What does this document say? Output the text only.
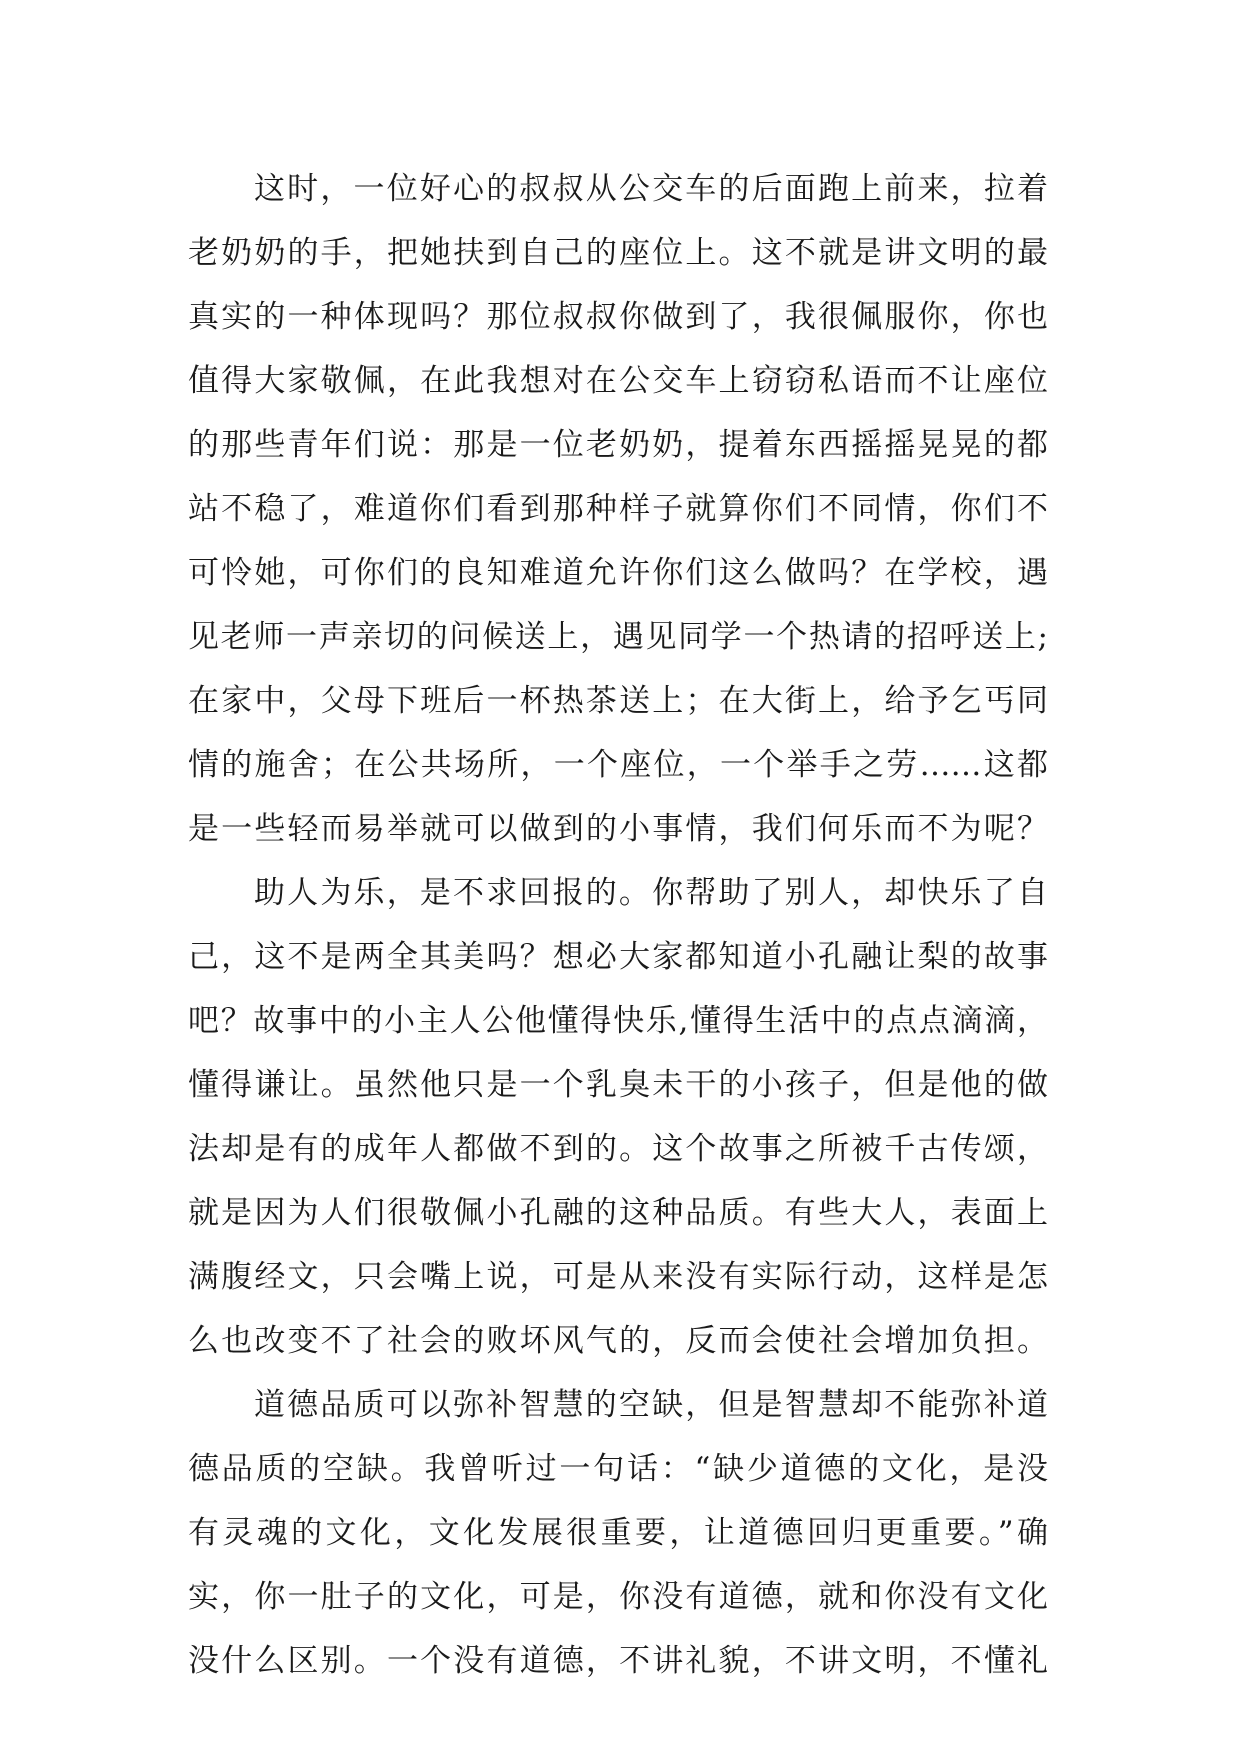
这时，一位好心的叔叔从公交车的后面跑上前来，拉着
老奶奶的手，把她扶到自己的座位上。这不就是讲文明的最
真实的一种体现吗？那位叔叔你做到了，我很佩服你，你也
值得大家敬佩，在此我想对在公交车上窃窃私语而不让座位
的那些青年们说：那是一位老奶奶，提着东西摇摇晃晃的都
站不稳了，难道你们看到那种样子就算你们不同情，你们不
可怜她，可你们的良知难道允许你们这么做吗？在学校，遇
见老师一声亲切的问候送上，遇见同学一个热请的招呼送上;
在家中，父母下班后一杯热茶送上；在大街上，给予乞丐同
情的施舍；在公共场所，一个座位，一个举手之劳……这都
是一些轻而易举就可以做到的小事情，我们何乐而不为呢？
助人为乐，是不求回报的。你帮助了别人，却快乐了自
己，这不是两全其美吗？想必大家都知道小孔融让梨的故事
吧？故事中的小主人公他懂得快乐,懂得生活中的点点滴滴，
懂得谦让。虽然他只是一个乳臭未干的小孩子，但是他的做
法却是有的成年人都做不到的。这个故事之所被千古传颂，
就是因为人们很敬佩小孔融的这种品质。有些大人，表面上
满腹经文，只会嘴上说，可是从来没有实际行动，这样是怎
么也改变不了社会的败坏风气的，反而会使社会增加负担。
道德品质可以弥补智慧的空缺，但是智慧却不能弥补道
德品质的空缺。我曾听过一句话：“缺少道德的文化，是没
有灵魂的文化，文化发展很重要，让道德回归更重要。”确
实，你一肚子的文化，可是，你没有道德，就和你没有文化
没什么区别。一个没有道德，不讲礼貌，不讲文明，不懂礼
